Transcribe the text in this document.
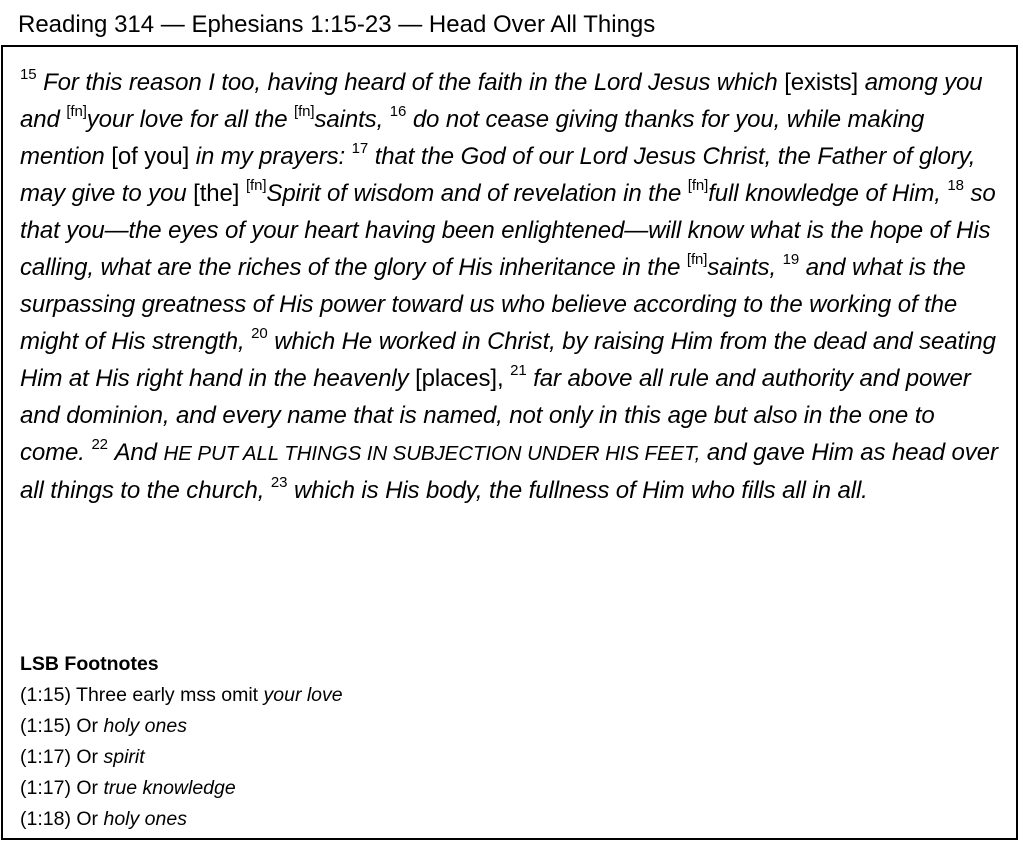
Reading 314 — Ephesians 1:15-23 — Head Over All Things
$^{15}$ For this reason I too, having heard of the faith in the Lord Jesus which [exists] among you and [fn]your love for all the [fn]saints, $^{16}$ do not cease giving thanks for you, while making mention [of you] in my prayers: $^{17}$ that the God of our Lord Jesus Christ, the Father of glory, may give to you [the] [fn]Spirit of wisdom and of revelation in the [fn]full knowledge of Him, $^{18}$ so that you—the eyes of your heart having been enlightened—will know what is the hope of His calling, what are the riches of the glory of His inheritance in the [fn]saints, $^{19}$ and what is the surpassing greatness of His power toward us who believe according to the working of the might of His strength, $^{20}$ which He worked in Christ, by raising Him from the dead and seating Him at His right hand in the heavenly [places], $^{21}$ far above all rule and authority and power and dominion, and every name that is named, not only in this age but also in the one to come. $^{22}$ And HE PUT ALL THINGS IN SUBJECTION UNDER HIS FEET, and gave Him as head over all things to the church, $^{23}$ which is His body, the fullness of Him who fills all in all.
LSB Footnotes
(1:15) Three early mss omit your love
(1:15) Or holy ones
(1:17) Or spirit
(1:17) Or true knowledge
(1:18) Or holy ones
